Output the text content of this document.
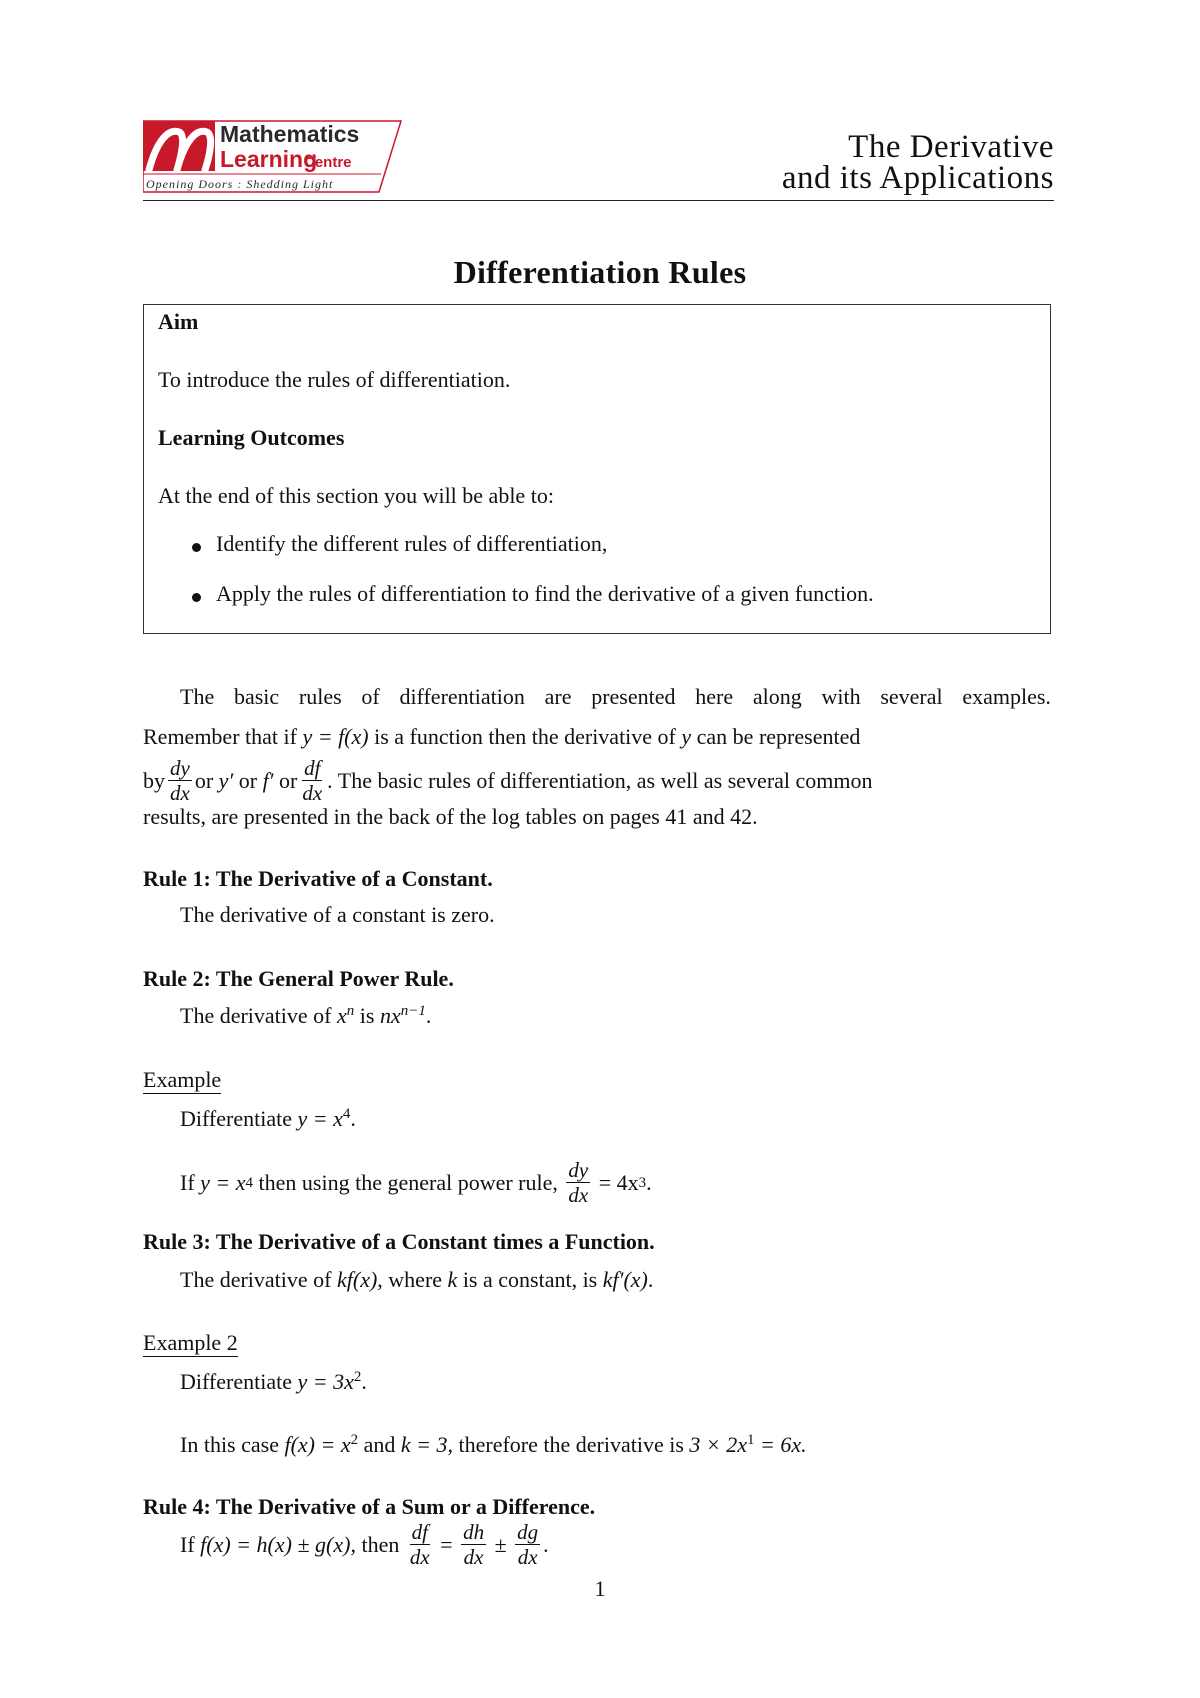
Mathematics
Learning
Centre
Opening Doors : Shedding Light
The Derivative
and its Applications
Differentiation Rules
Aim
To introduce the rules of differentiation.
Learning Outcomes
At the end of this section you will be able to:
Identify the different rules of differentiation,
Apply the rules of differentiation to find the derivative of a given function.
The basic rules of differentiation are presented here along with several examples.
Remember that if y = f(x) is a function then the derivative of y can be represented
by $\frac{dy}{dx}$ or
y′
or
f′
or $\frac{df}{dx}$ . The basic rules of differentiation, as well as several common
results, are presented in the back of the log tables on pages 41 and 42.
Rule 1: The Derivative of a Constant.
The derivative of a constant is zero.
Rule 2: The General Power Rule.
The derivative of $x^n$ is $nx^{n-1}$.
Example
Differentiate $y = x^4$.
If y = x 4 then using the general power rule, $\frac{dy}{dx} = 4x$ 3 .
Rule 3: The Derivative of a Constant times a Function.
The derivative of kf(x), where k is a constant, is kf′(x).
Example 2
Differentiate $y = 3x^2$.
In this case $f(x) = x^2$ and k = 3, therefore the derivative is $3 \times 2x^1 = 6x$.
Rule 4: The Derivative of a Sum or a Difference.
If f(x) = h(x) ± g(x) , then $\frac{df}{dx} = \frac{dh}{dx} \pm \frac{dg}{dx}$ .
1
